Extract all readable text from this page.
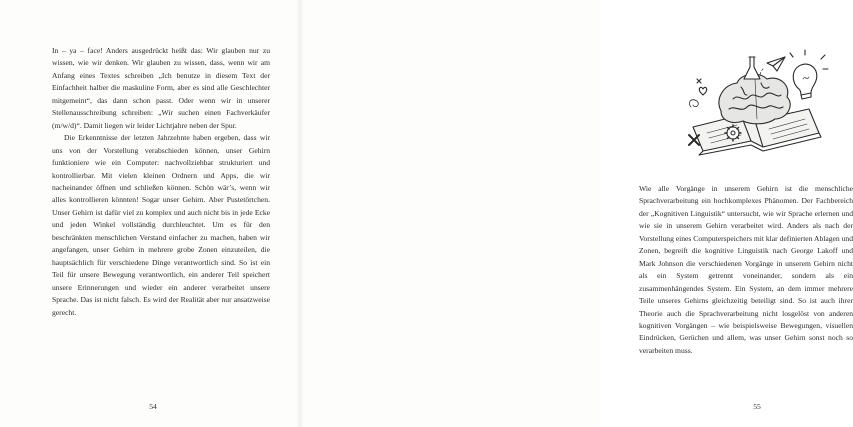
In – ya – face! Anders ausgedrückt heißt das: Wir glauben nur zu wissen, wie wir denken. Wir glauben zu wissen, dass, wenn wir am Anfang eines Textes schreiben „Ich benutze in diesem Text der Einfachheit halber die maskuline Form, aber es sind alle Geschlechter mitgemeint“, das dann schon passt. Oder wenn wir in unserer Stellenausschreibung schreiben: „Wir suchen einen Fachverkäufer (m/w/d)“. Damit liegen wir leider Lichtjahre neben der Spur.

Die Erkenntnisse der letzten Jahrzehnte haben ergeben, dass wir uns von der Vorstellung verabschieden können, unser Gehirn funktioniere wie ein Computer: nachvollziehbar strukturiert und kontrollierbar. Mit vielen kleinen Ordnern und Apps, die wir nacheinander öffnen und schließen können. Schön wär’s, wenn wir alles kontrollieren könnten! Sogar unser Gehirn. Aber Pustetörtchen. Unser Gehirn ist dafür viel zu komplex und auch nicht bis in jede Ecke und jeden Winkel vollständig durchleuchtet. Um es für den beschränkten menschlichen Verstand einfacher zu machen, haben wir angefangen, unser Gehirn in mehrere grobe Zonen einzuteilen, die hauptsächlich für verschiedene Dinge verantwortlich sind. So ist ein Teil für unsere Bewegung verantwortlich, ein anderer Teil speichert unsere Erinnerungen und wieder ein anderer verarbeitet unsere Sprache. Das ist nicht falsch. Es wird der Realität aber nur ansatzweise gerecht.

54

Wie alle Vorgänge in unserem Gehirn ist die menschliche Sprachverarbeitung ein hochkomplexes Phänomen. Der Fachbereich der „Kognitiven Linguistik“ untersucht, wie wir Sprache erlernen und wie sie in unserem Gehirn verarbeitet wird. Anders als nach der Vorstellung eines Computerspeichers mit klar definierten Ablagen und Zonen, begreift die kognitive Linguistik nach George Lakoff und Mark Johnson die verschiedenen Vorgänge in unserem Gehirn nicht als ein System getrennt voneinander, sondern als ein zusammenhängendes System. Ein System, an dem immer mehrere Teile unseres Gehirns gleichzeitig beteiligt sind. So ist auch ihrer Theorie auch die Sprachverarbeitung nicht losgelöst von anderen kognitiven Vorgängen – wie beispielsweise Bewegungen, visuellen Eindrücken, Gerüchen und allem, was unser Gehirn sonst noch so verarbeiten muss.

55
